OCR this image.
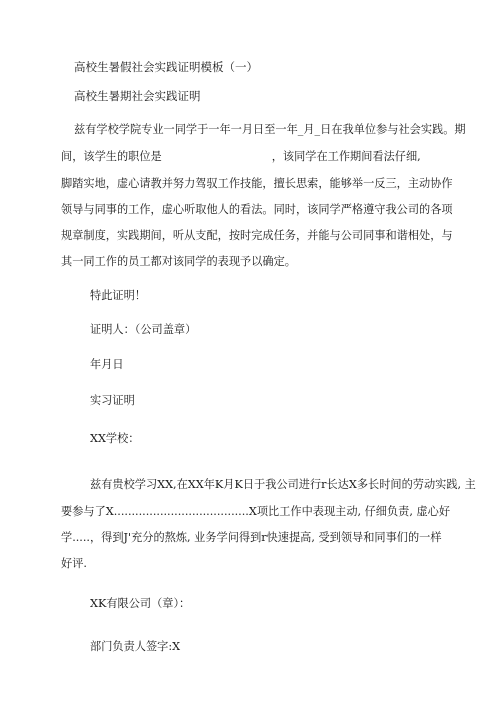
高校生暑假社会实践证明模板（一）
高校生暑期社会实践证明
兹有学校学院专业一同学于一年一月日至一年_月_日在我单位参与社会实践。期
间，该学生的职位是	，该同学在工作期间看法仔细,
脚踏实地，虚心请教并努力驾驭工作技能，擅长思索，能够举一反三，主动协作
领导与同事的工作，虚心听取他人的看法。同时，该同学严格遵守我公司的各项
规章制度，实践期间，听从支配，按时完成任务，并能与公司同事和谐相处，与
其一同工作的员工都对该同学的表现予以确定。
特此证明！
证明人：（公司盖章）
年月日
实习证明
XX学校：
兹有贵校学习XX,在XX年K月K日于我公司进行r长达X多长时间的劳动实践, 主
要参与了X......................................X项比工作中表现主动, 仔细负责, 虚心好
学.....，得到J'充分的熬炼, 业务学问得到r快速提高, 受到领导和同事们的一样
好评.
XK有限公司（章）：
部门负责人签字:X
